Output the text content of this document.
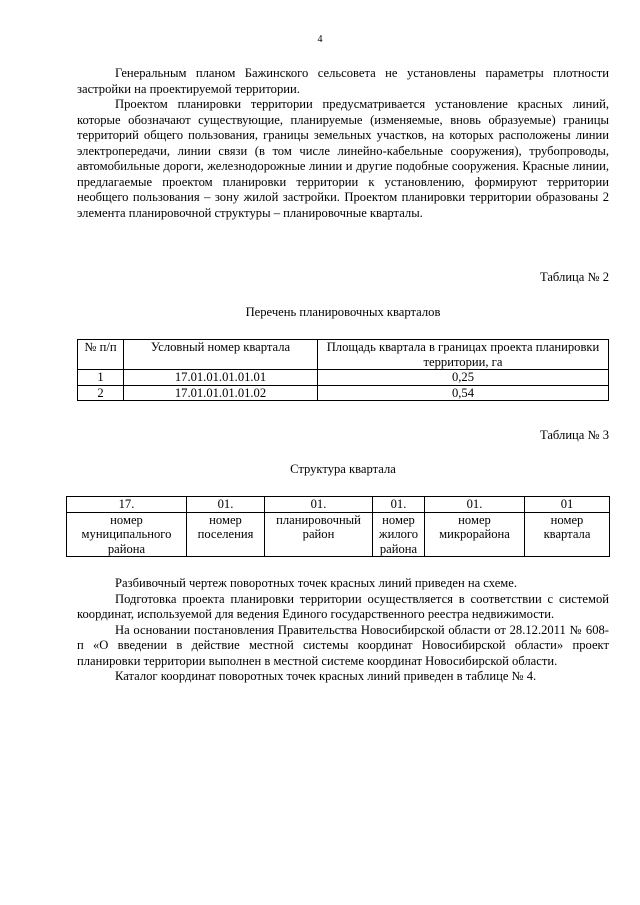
4

Генеральным планом Бажинского сельсовета не установлены параметры плотности застройки на проектируемой территории.

Проектом планировки территории предусматривается установление красных линий, которые обозначают существующие, планируемые (изменяемые, вновь образуемые) границы территорий общего пользования, границы земельных участков, на которых расположены линии электропередачи, линии связи (в том числе линейно-кабельные сооружения), трубопроводы, автомобильные дороги, железнодорожные линии и другие подобные сооружения. Красные линии, предлагаемые проектом планировки территории к установлению, формируют территории необщего пользования – зону жилой застройки. Проектом планировки территории образованы 2 элемента планировочной структуры – планировочные кварталы.

Таблица № 2
Перечень планировочных кварталов
№ п/п	Условный номер квартала	Площадь квартала в границах проекта планировки территории, га
1	17.01.01.01.01.01	0,25
2	17.01.01.01.01.02	0,54
Таблица № 3
Структура квартала
17.	01.	01.	01.	01.	01
номер муниципального района	номер поселения	планировочный район	номер жилого района	номер микрорайона	номер квартала

Разбивочный чертеж поворотных точек красных линий приведен на схеме.

Подготовка проекта планировки территории осуществляется в соответствии с системой координат, используемой для ведения Единого государственного реестра недвижимости.

На основании постановления Правительства Новосибирской области от 28.12.2011 № 608-п «О введении в действие местной системы координат Новосибирской области» проект планировки территории выполнен в местной системе координат Новосибирской области.

Каталог координат поворотных точек красных линий приведен в таблице № 4.
